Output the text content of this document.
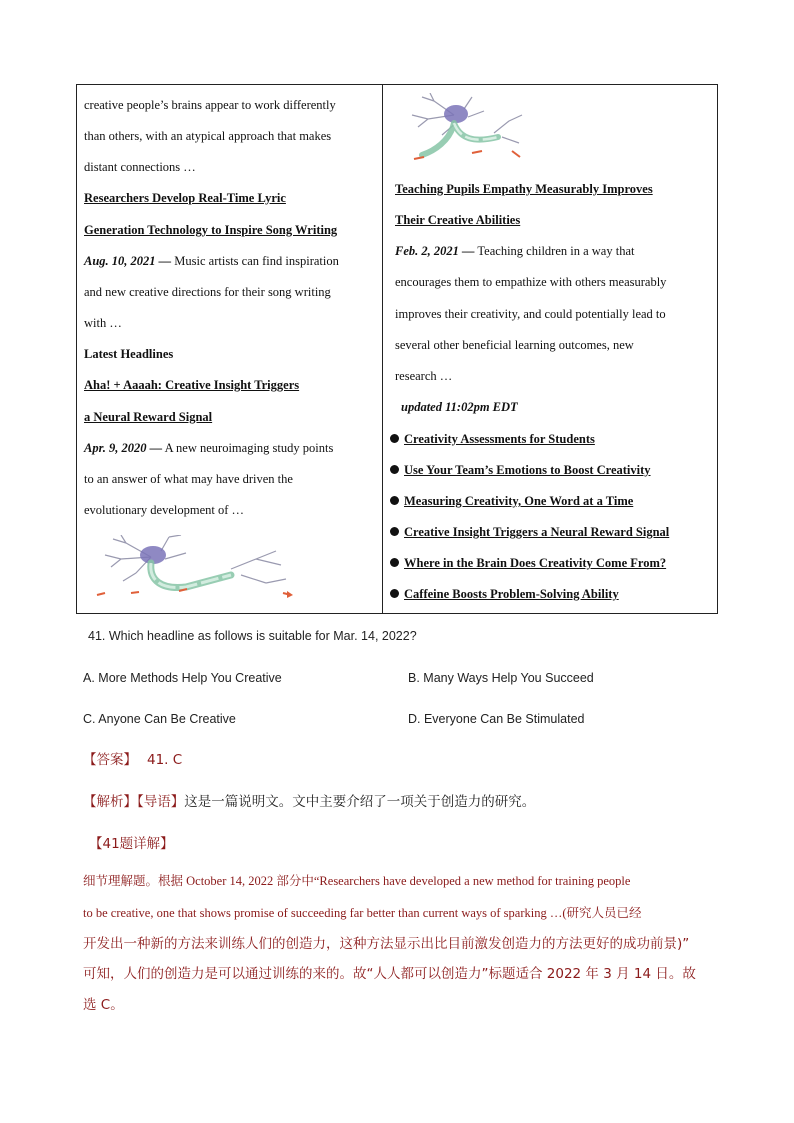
creative people’s brains appear to work differently
than others, with an atypical approach that makes
distant connections …
Researchers Develop Real-Time Lyric
Generation Technology to Inspire Song Writing
Aug. 10, 2021 — Music artists can find inspiration
and new creative directions for their song writing
with …
Latest Headlines
Aha! + Aaaah: Creative Insight Triggers
a Neural Reward Signal
Apr. 9, 2020 — A new neuroimaging study points
to an answer of what may have driven the
evolutionary development of …
Teaching Pupils Empathy Measurably Improves
Their Creative Abilities
Feb. 2, 2021 — Teaching children in a way that
encourages them to empathize with others measurably
improves their creativity, and could potentially lead to
several other beneficial learning outcomes, new
research …
updated 11:02pm EDT
Creativity Assessments for Students
Use Your Team’s Emotions to Boost Creativity
Measuring Creativity, One Word at a Time
Creative Insight Triggers a Neural Reward Signal
Where in the Brain Does Creativity Come From?
Caffeine Boosts Problem-Solving Ability
41. Which headline as follows is suitable for Mar. 14, 2022?
A. More Methods Help You Creative	B. Many Ways Help You Succeed
C. Anyone Can Be Creative	D. Everyone Can Be Stimulated
【答案】 41. C
【解析】【导语】这是一篇说明文。文中主要介绍了一项关于创造力的研究。
【41题详解】
细节理解题。根据 October 14, 2022 部分中“Researchers have developed a new method for training people
to be creative, one that shows promise of succeeding far better than current ways of sparking …(研究人员已经
开发出一种新的方法来训练人们的创造力，这种方法显示出比目前激发创造力的方法更好的成功前景)”
可知，人们的创造力是可以通过训练的来的。故“人人都可以创造力”标题适合 2022 年 3 月 14 日。故
选 C。
